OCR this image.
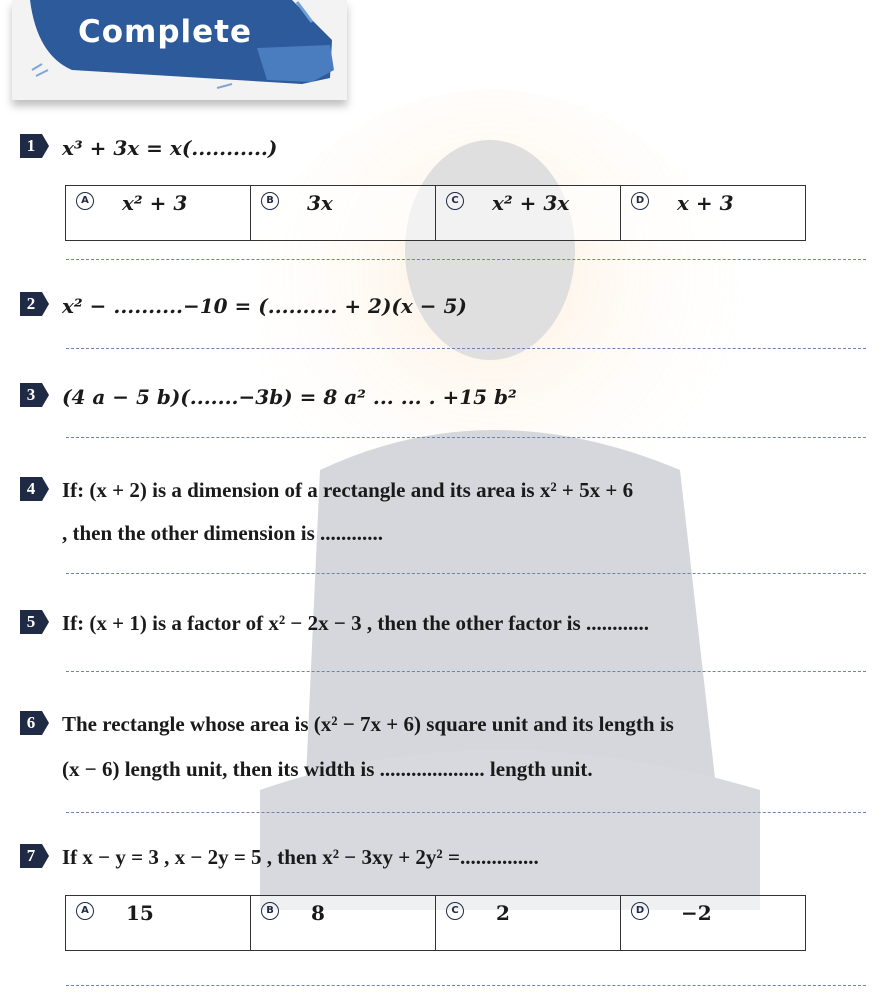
Complete
1	x³ + 3x = x(...........)
A x² + 3	B 3x	C x² + 3x	D x + 3
2	x² − ..........−10 = (.......... + 2)(x − 5)
3	(4 a − 5 b)(.......−3b) = 8 a² ... ... . +15 b²
4	If: (x + 2) is a dimension of a rectangle and its area is x² + 5x + 6
, then the other dimension is ............
5	If: (x + 1) is a factor of x² − 2x − 3 , then the other factor is ............
6	The rectangle whose area is (x² − 7x + 6) square unit and its length is
(x − 6) length unit, then its width is .................... length unit.
7	If x − y = 3 , x − 2y = 5 , then x² − 3xy + 2y² =...............
A 15	B 8	C 2	D −2
